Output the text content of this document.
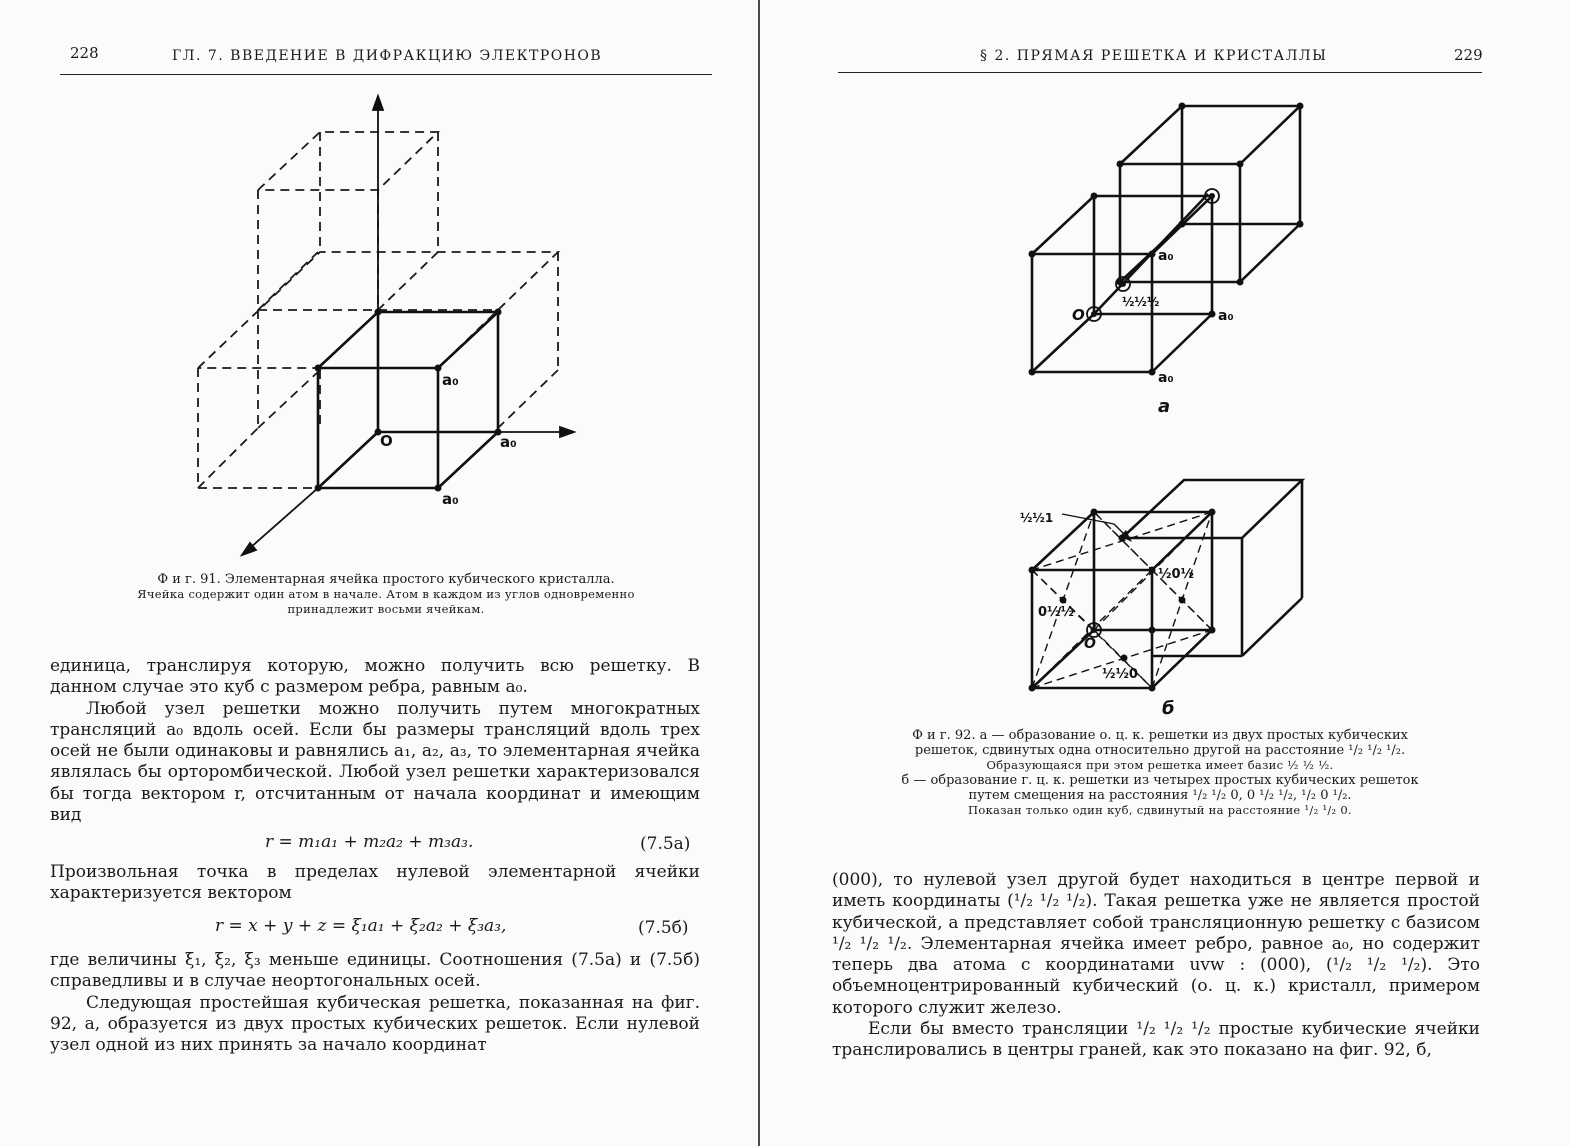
228	ГЛ. 7. ВВЕДЕНИЕ В ДИФРАКЦИЮ ЭЛЕКТРОНОВ
a₀
O	a₀
a₀
Ф и г. 91. Элементарная ячейка простого кубического кристалла.
Ячейка содержит один атом в начале. Атом в каждом из углов одновременно
принадлежит восьми ячейкам.

единица, транслируя которую, можно получить всю решетку. В данном случае это куб с размером ребра, равным a₀.

Любой узел решетки можно получить путем многократных трансляций a₀ вдоль осей. Если бы размеры трансляций вдоль трех осей не были одинаковы и равнялись a₁, a₂, a₃, то элементарная ячейка являлась бы орторомбической. Любой узел решетки характеризовался бы тогда вектором r, отсчитанным от начала координат и имеющим вид

r = m₁a₁ + m₂a₂ + m₃a₃.	(7.5а)

Произвольная точка в пределах нулевой элементарной ячейки характеризуется вектором

r = x + y + z = ξ₁a₁ + ξ₂a₂ + ξ₃a₃,	(7.5б)

где величины ξ₁, ξ₂, ξ₃ меньше единицы. Соотношения (7.5а) и (7.5б) справедливы и в случае неортогональных осей.

Следующая простейшая кубическая решетка, показанная на фиг. 92, а, образуется из двух простых кубических решеток. Если нулевой узел одной из них принять за начало координат

§ 2. ПРЯМАЯ РЕШЕТКА И КРИСТАЛЛЫ	229
O
a₀
a₀
a₀
½½½
а
½½1
½0½
0½½
½½0
O
б
Ф и г. 92. а — образование о. ц. к. решетки из двух простых кубических
решеток, сдвинутых одна относительно другой на расстояние ¹/₂ ¹/₂ ¹/₂.
Образующаяся при этом решетка имеет базис ½ ½ ½.
б — образование г. ц. к. решетки из четырех простых кубических решеток
путем смещения на расстояния ¹/₂ ¹/₂ 0, 0 ¹/₂ ¹/₂, ¹/₂ 0 ¹/₂.
Показан только один куб, сдвинутый на расстояние ¹/₂ ¹/₂ 0.

(000), то нулевой узел другой будет находиться в центре первой и иметь координаты (¹/₂ ¹/₂ ¹/₂). Такая решетка уже не является простой кубической, а представляет собой трансляционную решетку с базисом ¹/₂ ¹/₂ ¹/₂. Элементарная ячейка имеет ребро, равное a₀, но содержит теперь два атома с координатами uvw : (000), (¹/₂ ¹/₂ ¹/₂). Это объемноцентрированный кубический (о. ц. к.) кристалл, примером которого служит железо.

Если бы вместо трансляции ¹/₂ ¹/₂ ¹/₂ простые кубические ячейки транслировались в центры граней, как это показано на фиг. 92, б,
